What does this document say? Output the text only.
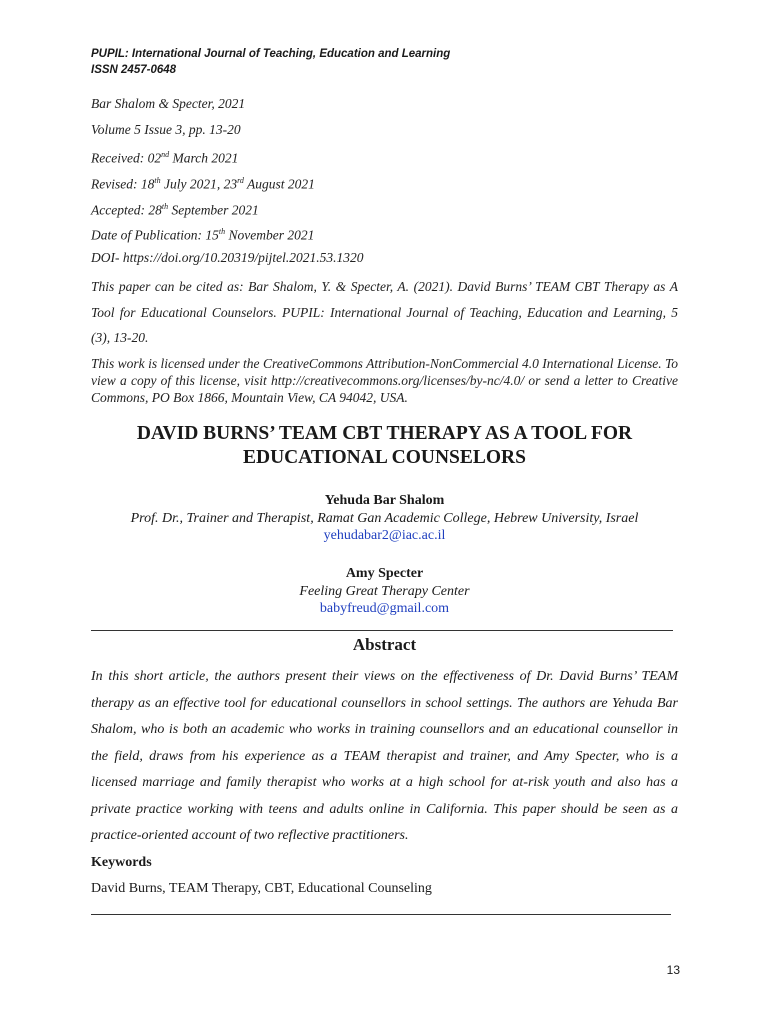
PUPIL: International Journal of Teaching, Education and Learning
ISSN 2457-0648
Bar Shalom & Specter, 2021
Volume 5 Issue 3, pp. 13-20
Received: 02nd March 2021
Revised: 18th July 2021, 23rd August 2021
Accepted: 28th September 2021
Date of Publication: 15th November 2021
DOI- https://doi.org/10.20319/pijtel.2021.53.1320
This paper can be cited as: Bar Shalom, Y. & Specter, A. (2021). David Burns’ TEAM CBT Therapy as A Tool for Educational Counselors. PUPIL: International Journal of Teaching, Education and Learning, 5 (3), 13-20.
This work is licensed under the CreativeCommons Attribution-NonCommercial 4.0 International License. To view a copy of this license, visit http://creativecommons.org/licenses/by-nc/4.0/ or send a letter to Creative Commons, PO Box 1866, Mountain View, CA 94042, USA.
DAVID BURNS’ TEAM CBT THERAPY AS A TOOL FOR
EDUCATIONAL COUNSELORS
Yehuda Bar Shalom
Prof. Dr., Trainer and Therapist, Ramat Gan Academic College, Hebrew University, Israel
yehudabar2@iac.ac.il
Amy Specter
Feeling Great Therapy Center
babyfreud@gmail.com
Abstract
In this short article, the authors present their views on the effectiveness of Dr. David Burns’ TEAM therapy as an effective tool for educational counsellors in school settings. The authors are Yehuda Bar Shalom, who is both an academic who works in training counsellors and an educational counsellor in the field, draws from his experience as a TEAM therapist and trainer, and Amy Specter, who is a licensed marriage and family therapist who works at a high school for at-risk youth and also has a private practice working with teens and adults online in California. This paper should be seen as a practice-oriented account of two reflective practitioners.
Keywords
David Burns, TEAM Therapy, CBT, Educational Counseling
13
